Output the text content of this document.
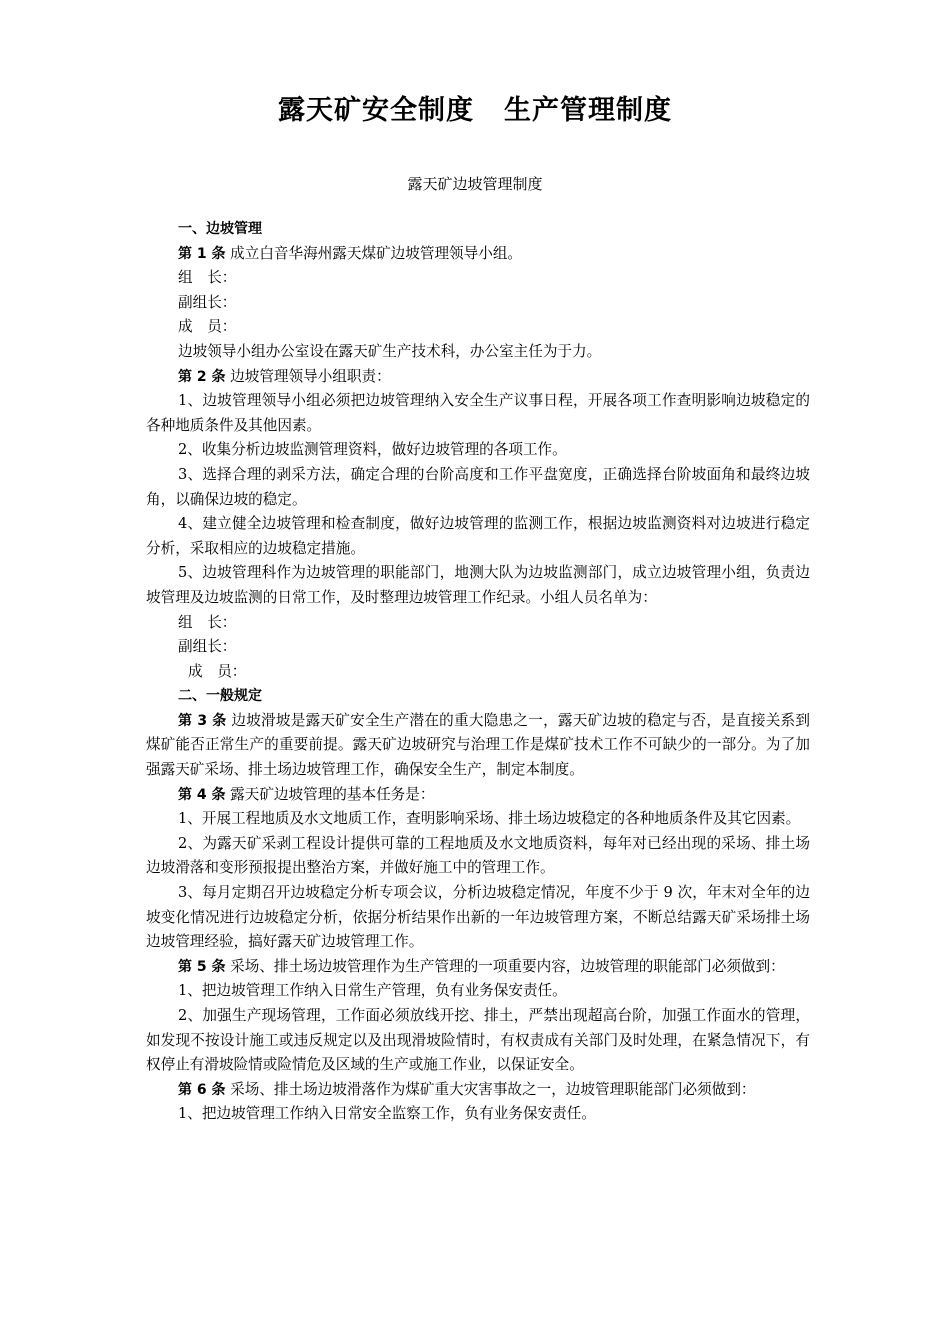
露天矿安全制度 生产管理制度
露天矿边坡管理制度

一、边坡管理

第 1 条 成立白音华海州露天煤矿边坡管理领导小组。

组　长：

副组长：

成　员：

边坡领导小组办公室设在露天矿生产技术科，办公室主任为于力。

第 2 条 边坡管理领导小组职责：

1、边坡管理领导小组必须把边坡管理纳入安全生产议事日程，开展各项工作查明影响边坡稳定的各种地质条件及其他因素。

2、收集分析边坡监测管理资料，做好边坡管理的各项工作。

3、选择合理的剥采方法，确定合理的台阶高度和工作平盘宽度，正确选择台阶坡面角和最终边坡角，以确保边坡的稳定。

4、建立健全边坡管理和检查制度，做好边坡管理的监测工作，根据边坡监测资料对边坡进行稳定分析，采取相应的边坡稳定措施。

5、边坡管理科作为边坡管理的职能部门，地测大队为边坡监测部门，成立边坡管理小组，负责边坡管理及边坡监测的日常工作，及时整理边坡管理工作纪录。小组人员名单为：

组　长：

副组长：

成　员：

二、一般规定

第 3 条 边坡滑坡是露天矿安全生产潜在的重大隐患之一，露天矿边坡的稳定与否，是直接关系到煤矿能否正常生产的重要前提。露天矿边坡研究与治理工作是煤矿技术工作不可缺少的一部分。为了加强露天矿采场、排土场边坡管理工作，确保安全生产，制定本制度。

第 4 条 露天矿边坡管理的基本任务是：

1、开展工程地质及水文地质工作，查明影响采场、排土场边坡稳定的各种地质条件及其它因素。

2、为露天矿采剥工程设计提供可靠的工程地质及水文地质资料，每年对已经出现的采场、排土场边坡滑落和变形预报提出整治方案，并做好施工中的管理工作。

3、每月定期召开边坡稳定分析专项会议，分析边坡稳定情况，年度不少于 9 次，年末对全年的边坡变化情况进行边坡稳定分析，依据分析结果作出新的一年边坡管理方案，不断总结露天矿采场排土场边坡管理经验，搞好露天矿边坡管理工作。

第 5 条 采场、排土场边坡管理作为生产管理的一项重要内容，边坡管理的职能部门必须做到：

1、把边坡管理工作纳入日常生产管理，负有业务保安责任。

2、加强生产现场管理，工作面必须放线开挖、排土，严禁出现超高台阶，加强工作面水的管理，如发现不按设计施工或违反规定以及出现滑坡险情时，有权责成有关部门及时处理，在紧急情况下，有权停止有滑坡险情或险情危及区域的生产或施工作业，以保证安全。

第 6 条 采场、排土场边坡滑落作为煤矿重大灾害事故之一，边坡管理职能部门必须做到：

1、把边坡管理工作纳入日常安全监察工作，负有业务保安责任。
